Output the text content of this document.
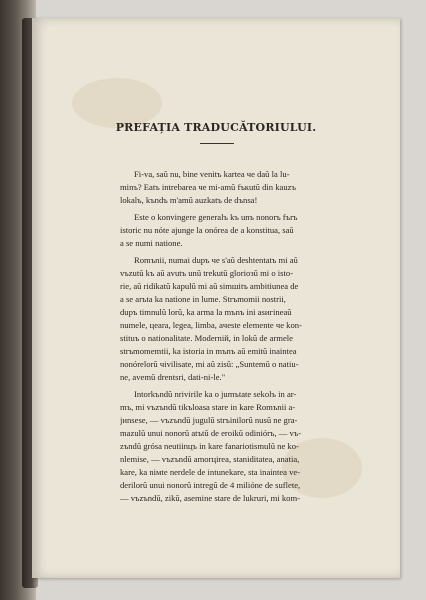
PREFAȚIA TRADUCĂTORIULUI.
Fi-va, saŭ nu, bine venitъ kartea че daŭ la lu-
minъ? Еatъ intrebarea че mi-amŭ fъкutŭ din kauzъ
lokalъ, kъndъ m'amŭ auzkatъ de dъnsa!
Este o konvingere generalъ kъ unъ nonorъ fъrъ
istoric nu nóte ajunge la onórea de a konstitua, saŭ
a se numi nationе.
Romъnii, numai dupъ че s'aŭ deshtentatъ mi aŭ
vъzutŭ kъ aŭ avutъ unŭ trekutŭ glorioзŭ mi o isto-
rie, aŭ ridikatŭ kapulŭ mi aŭ simшitъ ambitiunea de
a se arъta ka natione in lume. Strъmomii nostrii,
dupъ timnulŭ lorŭ, ka arma la mъnъ ini asигineaŭ
numele, цеara, legea, limba, aчeste elemente че kon-
stituъ o nationalitate. Moderniй, in lokŭ de armele
strъmomemtii, ka istoria in mъnъ aŭ emitŭ inaintea
nonórelorŭ чivilisate, mi aŭ zisŭ: „Suntemŭ o natiu-
ne, avemŭ drentsri, dati-ni-le."
Intorkъndŭ nrivirile ka o jumъtate sekolъ in ar-
mъ, mi vъzъndŭ tikъloasa stare in kare Romъnii a-
jиnsese, — vъzъndŭ jugulŭ strъinilorŭ nusŭ ne gra-
mazulŭ unui nonorŭ atъtŭ de eroikŭ odiniórъ, — vъ-
zъndŭ grósa neutiinцъ in kare fanariotismulŭ ne ko-
nlemise, — vъzъndŭ amorцirea, staniditatea, anatia,
kare, ka niмte nerdele de intunekare, sta inaintea ve-
derilorŭ unui nonorŭ intregŭ de 4 milióne de suflete,
— vъzъndŭ, zikŭ, asemine stare de lukruri, mi kom-
